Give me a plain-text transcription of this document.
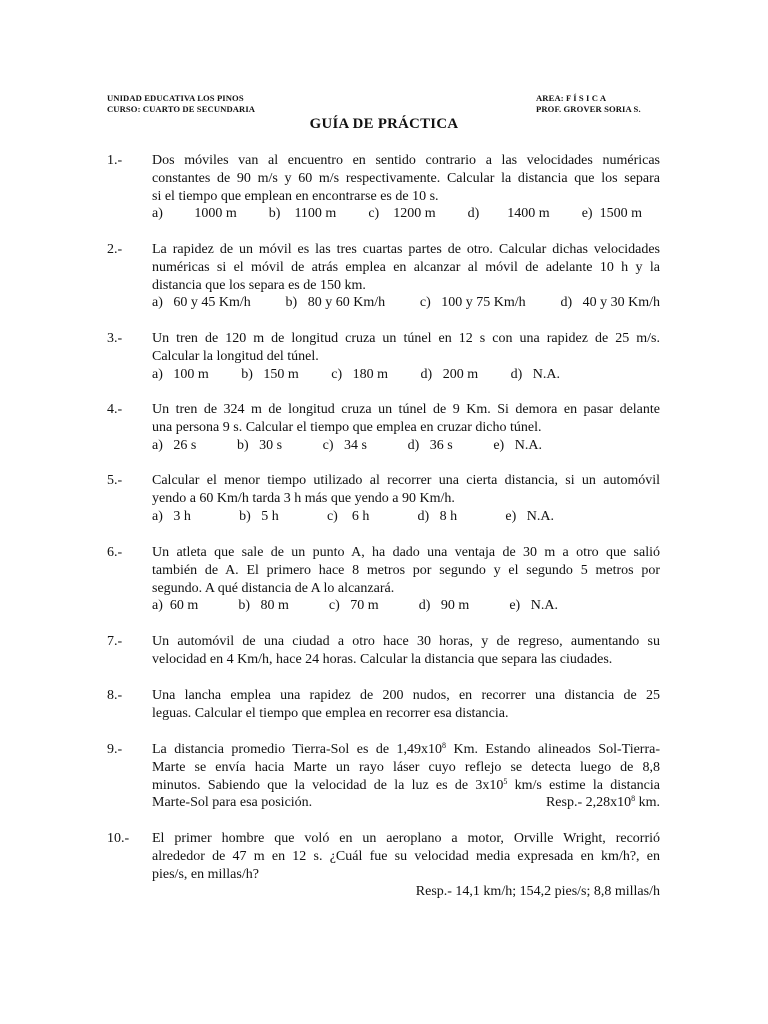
UNIDAD EDUCATIVA LOS PINOS
CURSO: CUARTO DE SECUNDARIA
AREA: F Í S I C A
PROF. GROVER SORIA S.
GUÍA DE PRÁCTICA
1.- Dos móviles van al encuentro en sentido contrario a las velocidades numéricas
constantes de 90 m/s y 60 m/s respectivamente. Calcular la distancia que los separa
si el tiempo que emplean en encontrarse es de 10 s.
a)         1000 m b)    1100 m c)    1200 m d)        1400 m e)  1500 m
2.- La rapidez de un móvil es las tres cuartas partes de otro. Calcular dichas velocidades
numéricas si el móvil de atrás emplea en alcanzar al móvil de adelante 10 h y la
distancia que los separa es de 150 km.
a)   60 y 45 Km/h b)   80 y 60 Km/h c)   100 y 75 Km/h d)   40 y 30 Km/h
3.- Un tren de 120 m de longitud cruza un túnel en 12 s con una rapidez de 25 m/s.
Calcular la longitud del túnel.
a)   100 m b)   150 m c)   180 m d)   200 m d)   N.A.
4.- Un tren de 324 m de longitud cruza un túnel de 9 Km. Si demora en pasar delante
una persona 9 s. Calcular el tiempo que emplea en cruzar dicho túnel.
a)   26 s	b)   30 s	c)   34 s	d)   36 s	e)   N.A.
5.- Calcular el menor tiempo utilizado al recorrer una cierta distancia, si un automóvil
yendo a 60 Km/h tarda 3 h más que yendo a 90 Km/h.
a)   3 h	b)   5 h	c)    6 h	d)   8 h	e)   N.A.
6.- Un atleta que sale de un punto A, ha dado una ventaja de 30 m a otro que salió
también de A. El primero hace 8 metros por segundo y el segundo 5 metros por
segundo. A qué distancia de A lo alcanzará.
a)  60 m	b)   80 m	c)   70 m	d)   90 m	e)   N.A.
7.- Un automóvil de una ciudad a otro hace 30 horas, y de regreso, aumentando su
velocidad en 4 Km/h, hace 24 horas. Calcular la distancia que separa las ciudades.
8.- Una lancha emplea una rapidez de 200 nudos, en recorrer una distancia de 25
leguas. Calcular el tiempo que emplea en recorrer esa distancia.
9.- La distancia promedio Tierra-Sol es de $1,49x10^8$ Km. Estando alineados Sol-Tierra-
Marte se envía hacia Marte un rayo láser cuyo reflejo se detecta luego de 8,8
minutos. Sabiendo que la velocidad de la luz es de $3x10^5$ km/s estime la distancia
Marte-Sol para esa posición.	Resp.- $2,28x10^8$ km.
10.- El primer hombre que voló en un aeroplano a motor, Orville Wright, recorrió
alrededor de 47 m en 12 s. ¿Cuál fue su velocidad media expresada en km/h?, en
pies/s, en millas/h?
Resp.- 14,1 km/h; 154,2 pies/s; 8,8 millas/h
